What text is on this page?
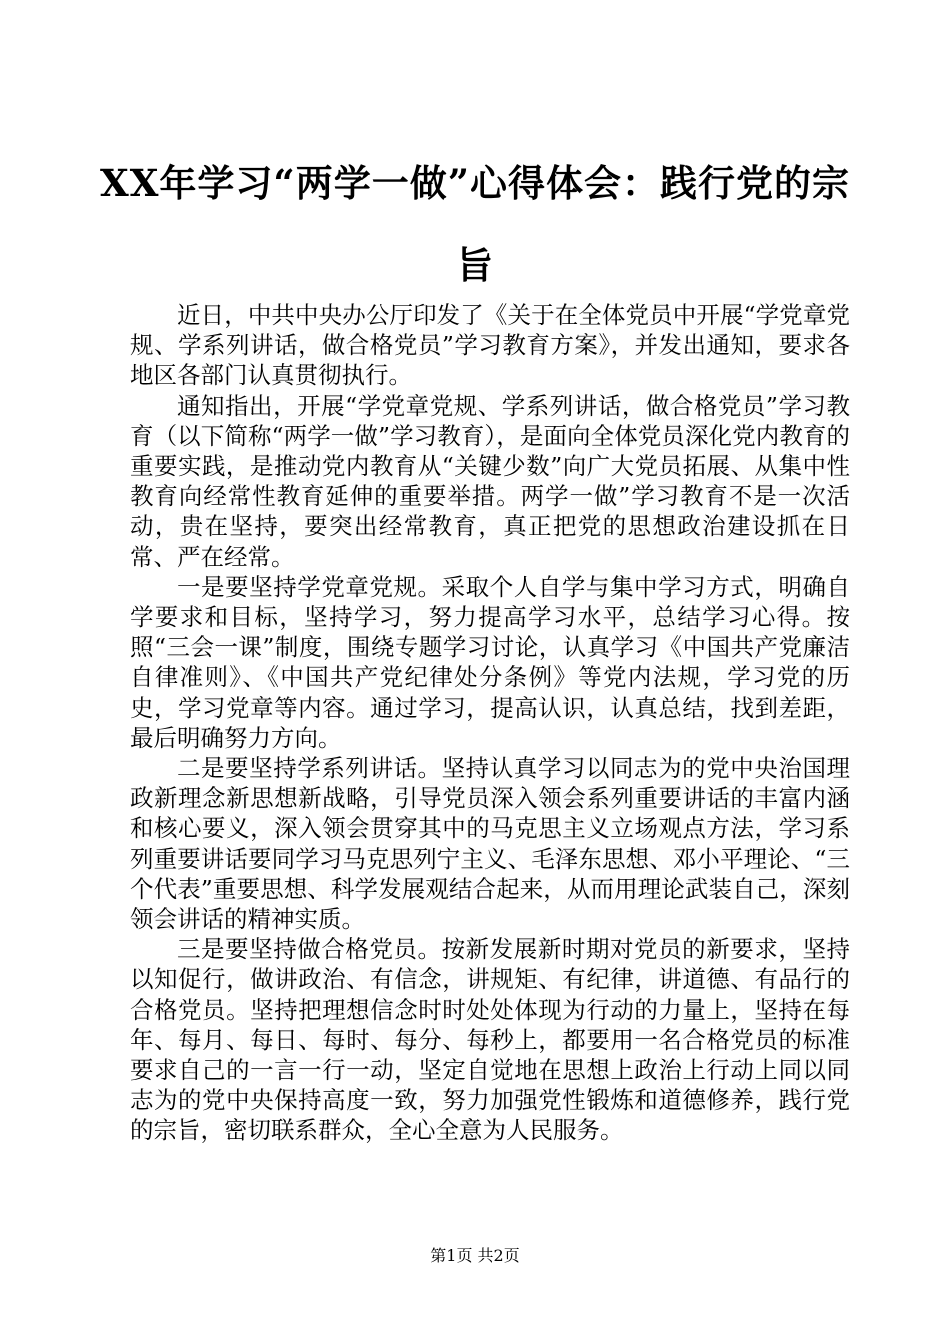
XX年学习“两学一做”心得体会：践行党的宗旨

近日，中共中央办公厅印发了《关于在全体党员中开展“学党章党规、学系列讲话，做合格党员”学习教育方案》，并发出通知，要求各地区各部门认真贯彻执行。

通知指出，开展“学党章党规、学系列讲话，做合格党员”学习教育（以下简称“两学一做”学习教育），是面向全体党员深化党内教育的重要实践，是推动党内教育从“关键少数”向广大党员拓展、从集中性教育向经常性教育延伸的重要举措。两学一做”学习教育不是一次活动，贵在坚持，要突出经常教育，真正把党的思想政治建设抓在日常、严在经常。

一是要坚持学党章党规。采取个人自学与集中学习方式，明确自学要求和目标，坚持学习，努力提高学习水平，总结学习心得。按照“三会一课”制度，围绕专题学习讨论，认真学习《中国共产党廉洁自律准则》、《中国共产党纪律处分条例》等党内法规，学习党的历史，学习党章等内容。通过学习，提高认识，认真总结，找到差距，最后明确努力方向。

二是要坚持学系列讲话。坚持认真学习以同志为的党中央治国理政新理念新思想新战略，引导党员深入领会系列重要讲话的丰富内涵和核心要义，深入领会贯穿其中的马克思主义立场观点方法，学习系列重要讲话要同学习马克思列宁主义、毛泽东思想、邓小平理论、“三个代表”重要思想、科学发展观结合起来，从而用理论武装自己，深刻领会讲话的精神实质。

三是要坚持做合格党员。按新发展新时期对党员的新要求，坚持以知促行，做讲政治、有信念，讲规矩、有纪律，讲道德、有品行的合格党员。坚持把理想信念时时处处体现为行动的力量上，坚持在每年、每月、每日、每时、每分、每秒上，都要用一名合格党员的标准要求自己的一言一行一动，坚定自觉地在思想上政治上行动上同以同志为的党中央保持高度一致，努力加强党性锻炼和道德修养，践行党的宗旨，密切联系群众，全心全意为人民服务。

第1页 共2页
